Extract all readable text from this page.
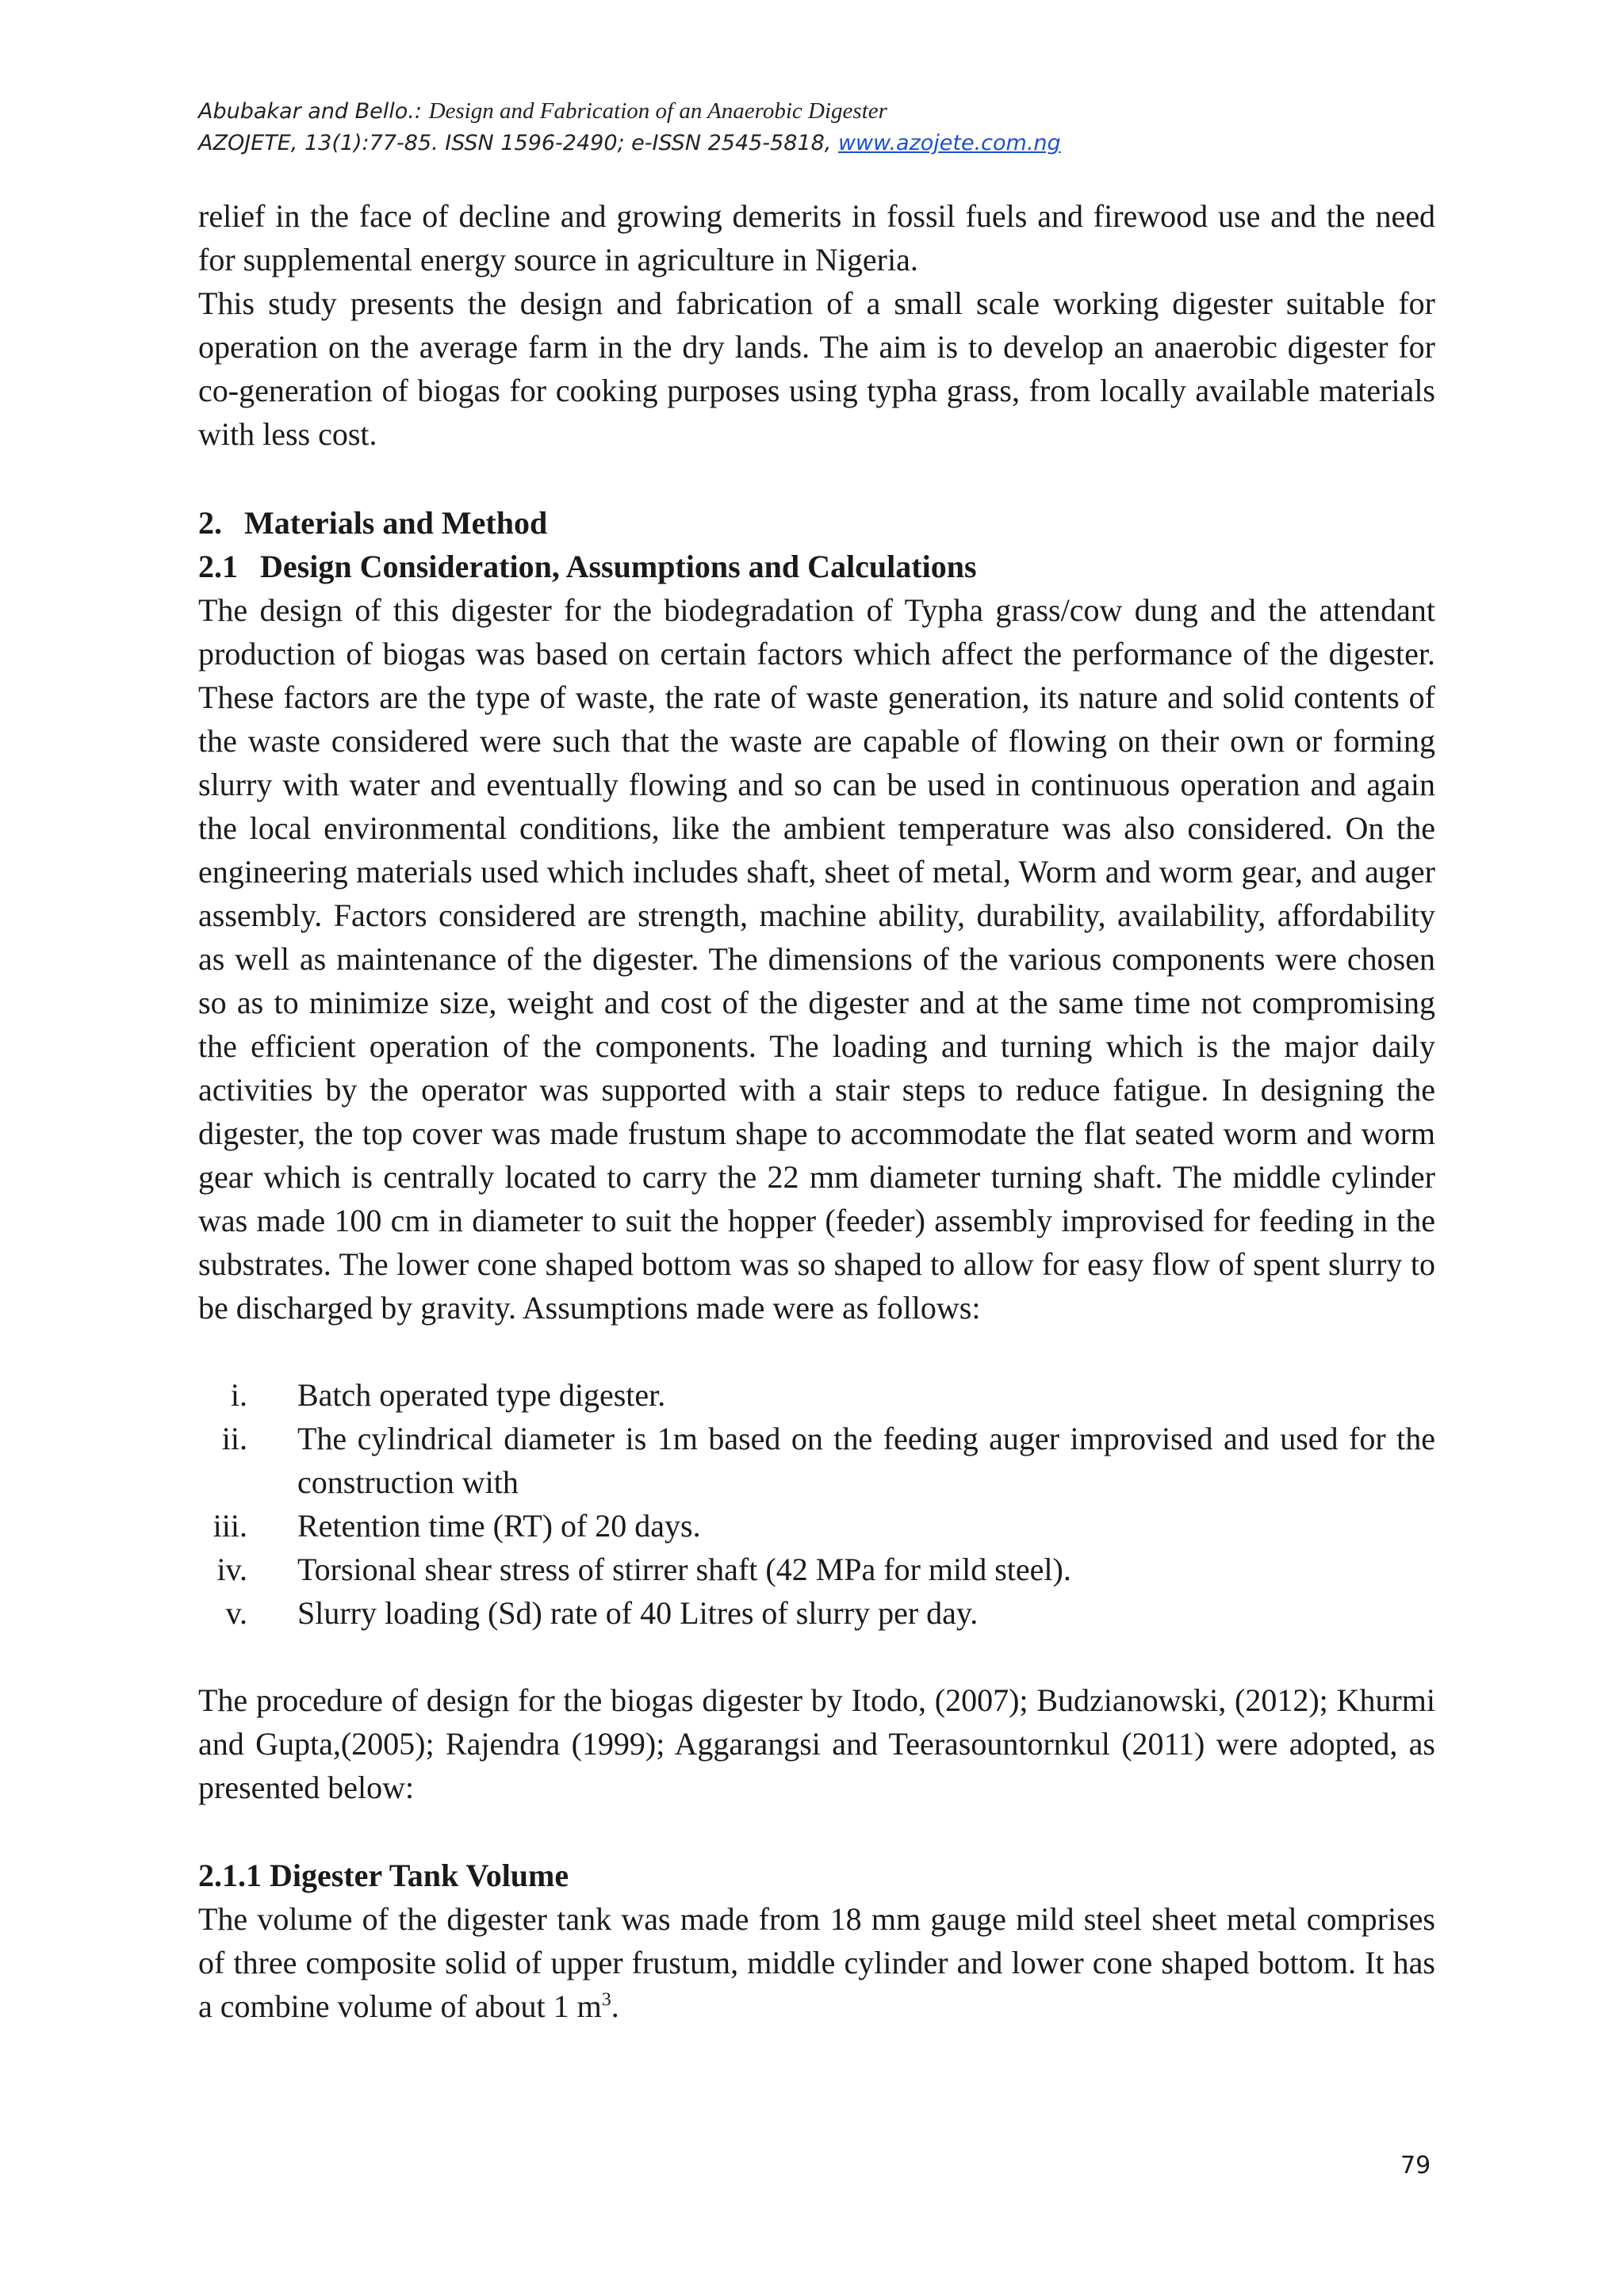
Abubakar and Bello.: Design and Fabrication of an Anaerobic Digester
AZOJETE, 13(1):77-85. ISSN 1596-2490; e-ISSN 2545-5818, www.azojete.com.ng

relief in the face of decline and growing demerits in fossil fuels and firewood use and the need for supplemental energy source in agriculture in Nigeria.

This study presents the design and fabrication of a small scale working digester suitable for operation on the average farm in the dry lands. The aim is to develop an anaerobic digester for co-generation of biogas for cooking purposes using typha grass, from locally available materials with less cost.

2. Materials and Method
2.1 Design Consideration, Assumptions and Calculations

The design of this digester for the biodegradation of Typha grass/cow dung and the attendant production of biogas was based on certain factors which affect the performance of the digester. These factors are the type of waste, the rate of waste generation, its nature and solid contents of the waste considered were such that the waste are capable of flowing on their own or forming slurry with water and eventually flowing and so can be used in continuous operation and again the local environmental conditions, like the ambient temperature was also considered. On the engineering materials used which includes shaft, sheet of metal, Worm and worm gear, and auger assembly. Factors considered are strength, machine ability, durability, availability, affordability as well as maintenance of the digester. The dimensions of the various components were chosen so as to minimize size, weight and cost of the digester and at the same time not compromising the efficient operation of the components. The loading and turning which is the major daily activities by the operator was supported with a stair steps to reduce fatigue. In designing the digester, the top cover was made frustum shape to accommodate the flat seated worm and worm gear which is centrally located to carry the 22 mm diameter turning shaft. The middle cylinder was made 100 cm in diameter to suit the hopper (feeder) assembly improvised for feeding in the substrates. The lower cone shaped bottom was so shaped to allow for easy flow of spent slurry to be discharged by gravity. Assumptions made were as follows:

i. Batch operated type digester.
ii. The cylindrical diameter is 1m based on the feeding auger improvised and used for the construction with
iii. Retention time (RT) of 20 days.
iv. Torsional shear stress of stirrer shaft (42 MPa for mild steel).
v. Slurry loading (Sd) rate of 40 Litres of slurry per day.

The procedure of design for the biogas digester by Itodo, (2007); Budzianowski, (2012); Khurmi and Gupta,(2005); Rajendra (1999); Aggarangsi and Teerasountornkul (2011) were adopted, as presented below:

2.1.1 Digester Tank Volume

The volume of the digester tank was made from 18 mm gauge mild steel sheet metal comprises of three composite solid of upper frustum, middle cylinder and lower cone shaped bottom. It has a combine volume of about 1 $m^3$.

79
